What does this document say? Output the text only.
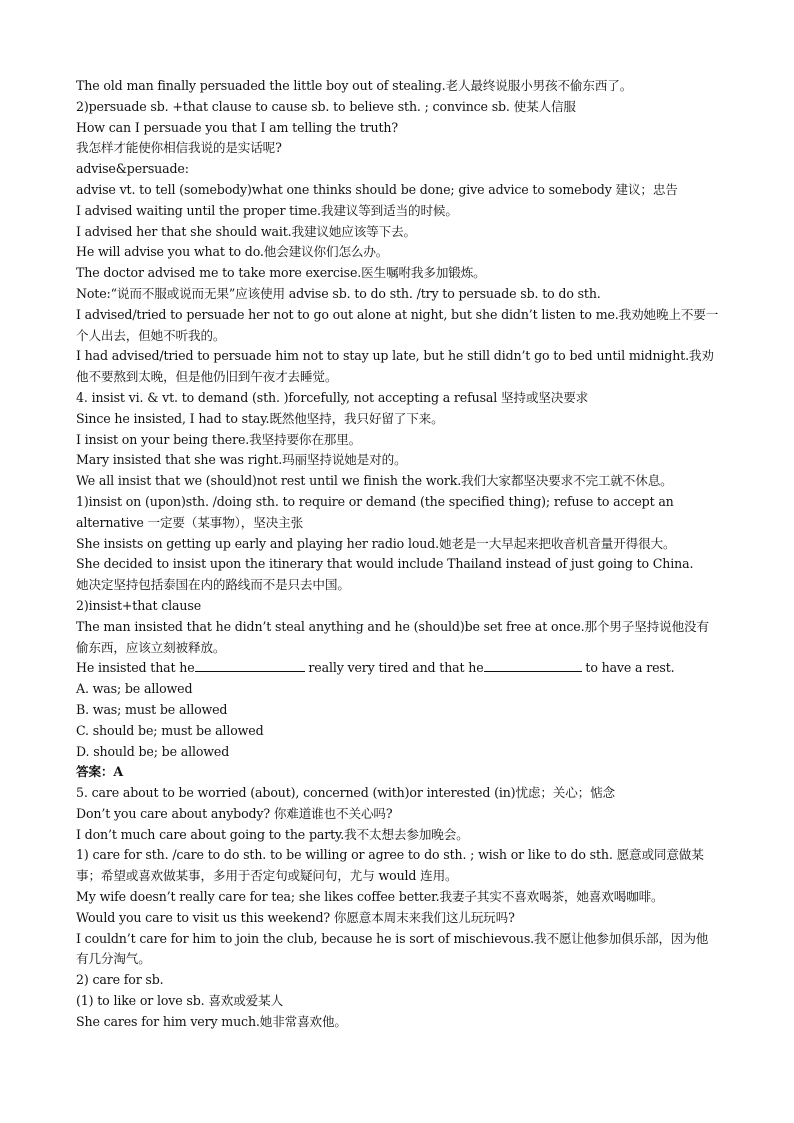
The old man finally persuaded the little boy out of stealing.老人最终说服小男孩不偷东西了。
2)persuade sb. +that clause to cause sb. to believe sth. ; convince sb. 使某人信服
How can I persuade you that I am telling the truth?
我怎样才能使你相信我说的是实话呢?
advise&persuade:
advise vt. to tell (somebody)what one thinks should be done; give advice to somebody 建议；忠告
I advised waiting until the proper time.我建议等到适当的时候。
I advised her that she should wait.我建议她应该等下去。
He will advise you what to do.他会建议你们怎么办。
The doctor advised me to take more exercise.医生嘱咐我多加锻炼。
Note:“说而不服或说而无果”应该使用 advise sb. to do sth. /try to persuade sb. to do sth.
I advised/tried to persuade her not to go out alone at night, but she didn’t listen to me.我劝她晚上不要一个人出去，但她不听我的。
I had advised/tried to persuade him not to stay up late, but he still didn’t go to bed until midnight.我劝他不要熬到太晚，但是他仍旧到午夜才去睡觉。
4. insist vi. & vt. to demand (sth. )forcefully, not accepting a refusal 坚持或坚决要求
Since he insisted, I had to stay.既然他坚持，我只好留了下来。
I insist on your being there.我坚持要你在那里。
Mary insisted that she was right.玛丽坚持说她是对的。
We all insist that we (should)not rest until we finish the work.我们大家都坚决要求不完工就不休息。
1)insist on (upon)sth. /doing sth. to require or demand (the specified thing); refuse to accept an alternative 一定要（某事物），坚决主张
She insists on getting up early and playing her radio loud.她老是一大早起来把收音机音量开得很大。
She decided to insist upon the itinerary that would include Thailand instead of just going to China.
她决定坚持包括泰国在内的路线而不是只去中国。
2)insist+that clause
The man insisted that he didn’t steal anything and he (should)be set free at once.那个男子坚持说他没有偷东西，应该立刻被释放。
He insisted that he	really very tired and that he	to have a rest.
A. was; be allowed
B. was; must be allowed
C. should be; must be allowed
D. should be; be allowed
答案：A
5. care about to be worried (about), concerned (with)or interested (in)忧虑；关心；惦念
Don’t you care about anybody? 你难道谁也不关心吗?
I don’t much care about going to the party.我不太想去参加晚会。
1) care for sth. /care to do sth. to be willing or agree to do sth. ; wish or like to do sth. 愿意或同意做某事；希望或喜欢做某事，多用于否定句或疑问句，尤与 would 连用。
My wife doesn’t really care for tea; she likes coffee better.我妻子其实不喜欢喝茶，她喜欢喝咖啡。
Would you care to visit us this weekend? 你愿意本周末来我们这儿玩玩吗?
I couldn’t care for him to join the club, because he is sort of mischievous.我不愿让他参加俱乐部，因为他有几分淘气。
2) care for sb.
(1) to like or love sb. 喜欢或爱某人
She cares for him very much.她非常喜欢他。
